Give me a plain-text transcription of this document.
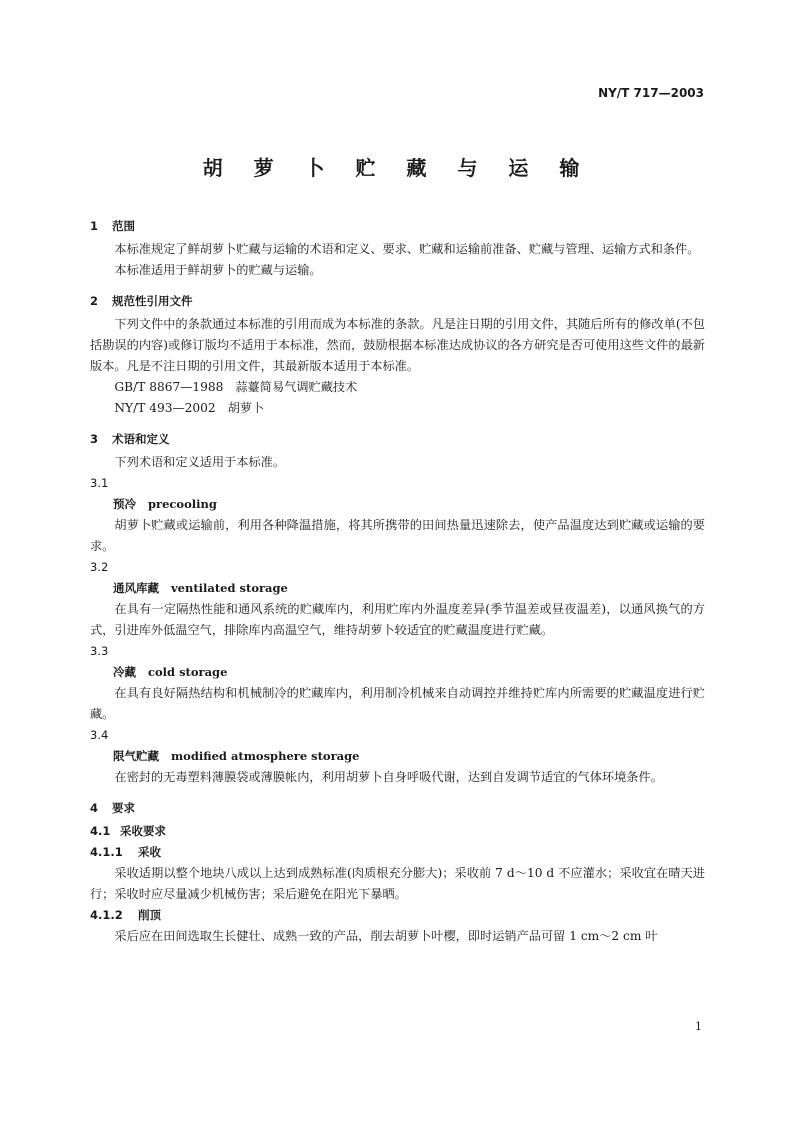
NY/T 717—2003
胡 萝 卜 贮 藏 与 运 输
1 范围
本标准规定了鲜胡萝卜贮藏与运输的术语和定义、要求、贮藏和运输前准备、贮藏与管理、运输方式和条件。
本标准适用于鲜胡萝卜的贮藏与运输。
2 规范性引用文件
下列文件中的条款通过本标准的引用而成为本标准的条款。凡是注日期的引用文件，其随后所有的修改单(不包括勘误的内容)或修订版均不适用于本标准，然而，鼓励根据本标准达成协议的各方研究是否可使用这些文件的最新版本。凡是不注日期的引用文件，其最新版本适用于本标准。
GB/T 8867—1988 蒜薹简易气调贮藏技术
NY/T 493—2002 胡萝卜
3 术语和定义
下列术语和定义适用于本标准。
3.1
预冷 precooling
胡萝卜贮藏或运输前，利用各种降温措施，将其所携带的田间热量迅速除去，使产品温度达到贮藏或运输的要求。
3.2
通风库藏 ventilated storage
在具有一定隔热性能和通风系统的贮藏库内，利用贮库内外温度差异(季节温差或昼夜温差)，以通风换气的方式，引进库外低温空气，排除库内高温空气，维持胡萝卜较适宜的贮藏温度进行贮藏。
3.3
冷藏 cold storage
在具有良好隔热结构和机械制冷的贮藏库内，利用制冷机械来自动调控并维持贮库内所需要的贮藏温度进行贮藏。
3.4
限气贮藏 modified atmosphere storage
在密封的无毒塑料薄膜袋或薄膜帐内，利用胡萝卜自身呼吸代谢，达到自发调节适宜的气体环境条件。
4 要求
4.1 采收要求
4.1.1 采收
采收适期以整个地块八成以上达到成熟标准(肉质根充分膨大)；采收前 7 d～10 d 不应灌水；采收宜在晴天进行；采收时应尽量减少机械伤害；采后避免在阳光下暴晒。
4.1.2 削顶
采后应在田间选取生长健壮、成熟一致的产品，削去胡萝卜叶樱，即时运销产品可留 1 cm～2 cm 叶
1
